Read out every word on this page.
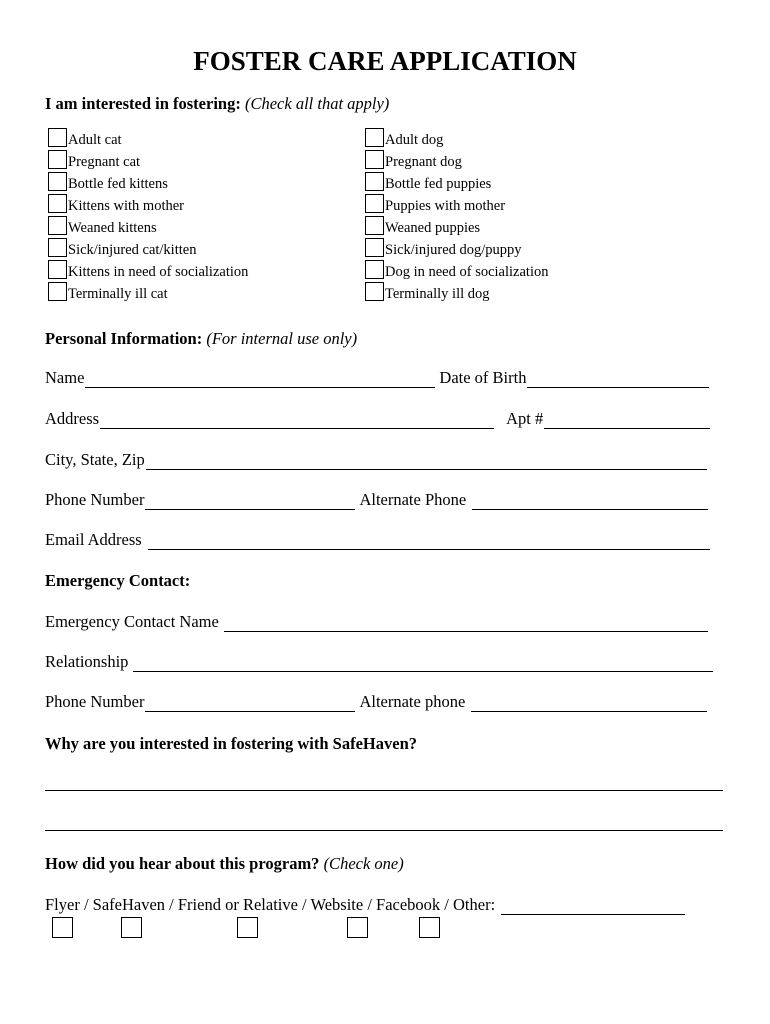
FOSTER CARE APPLICATION
I am interested in fostering: (Check all that apply)
Adult cat
Pregnant cat
Bottle fed kittens
Kittens with mother
Weaned kittens
Sick/injured cat/kitten
Kittens in need of socialization
Terminally ill cat
Adult dog
Pregnant dog
Bottle fed puppies
Puppies with mother
Weaned puppies
Sick/injured dog/puppy
Dog in need of socialization
Terminally ill dog
Personal Information: (For internal use only)
Name	Date of Birth
Address	Apt #
City, State, Zip
Phone Number	Alternate Phone
Email Address
Emergency Contact:
Emergency Contact Name
Relationship
Phone Number	Alternate phone
Why are you interested in fostering with SafeHaven?
How did you hear about this program? (Check one)
Flyer / SafeHaven / Friend or Relative / Website / Facebook / Other:
